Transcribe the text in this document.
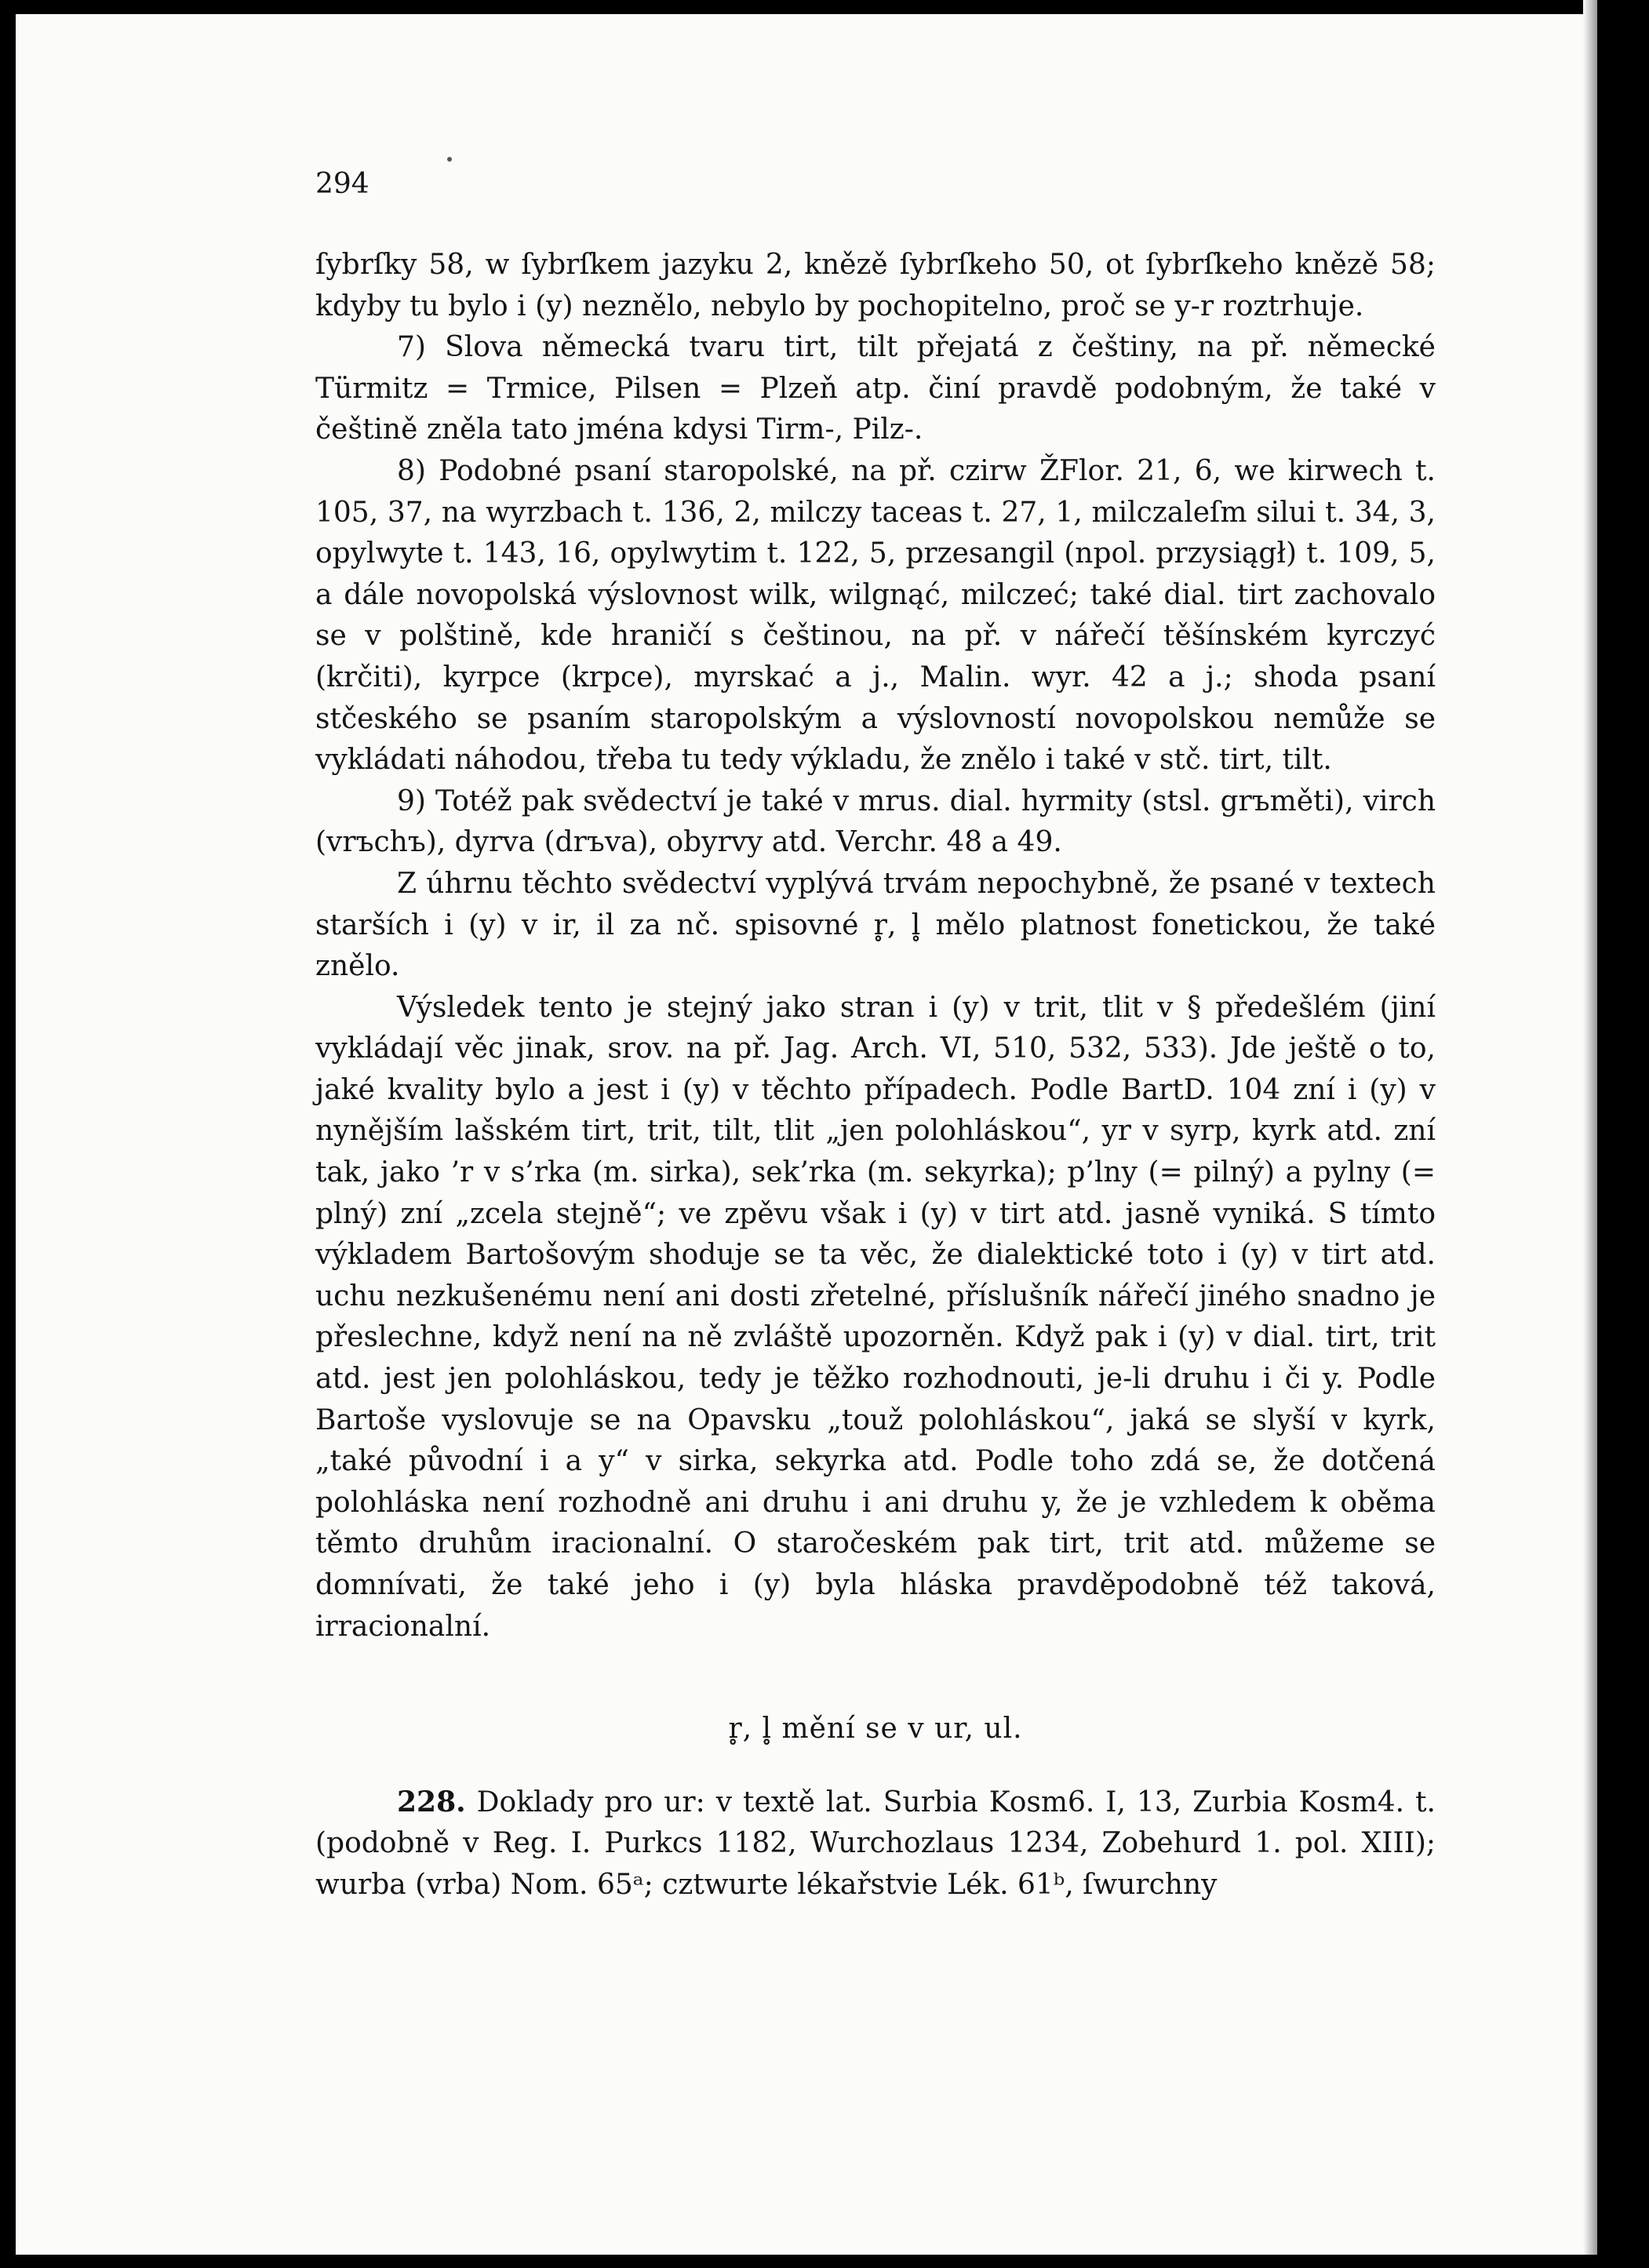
294

ſybrſky 58, w ſybrſkem jazyku 2, knězě ſybrſkeho 50, ot ſybrſkeho knězě 58; kdyby tu bylo i (y) neznělo, nebylo by pochopitelno, proč se y-r roztrhuje.

7) Slova německá tvaru tirt, tilt přejatá z češtiny, na př. německé Türmitz = Trmice, Pilsen = Plzeň atp. činí pravdě podobným, že také v češtině zněla tato jména kdysi Tirm-, Pilz-.

8) Podobné psaní staropolské, na př. czirw ŽFlor. 21, 6, we kirwech t. 105, 37, na wyrzbach t. 136, 2, milczy taceas t. 27, 1, milczaleſm silui t. 34, 3, opylwyte t. 143, 16, opylwytim t. 122, 5, przesangil (npol. przysiągł) t. 109, 5, a dále novopolská výslovnost wilk, wilgnąć, milczeć; také dial. tirt zachovalo se v polštině, kde hraničí s češtinou, na př. v nářečí těšínském kyrczyć (krčiti), kyrpce (krpce), myrskać a j., Malin. wyr. 42 a j.; shoda psaní stčeského se psaním staropolským a výslovností novopolskou nemůže se vykládati náhodou, třeba tu tedy výkladu, že znělo i také v stč. tirt, tilt.

9) Totéž pak svědectví je také v mrus. dial. hyrmity (stsl. grъměti), virch (vrъchъ), dyrva (drъva), obyrvy atd. Verchr. 48 a 49.

Z úhrnu těchto svědectví vyplývá trvám nepochybně, že psané v textech starších i (y) v ir, il za nč. spisovné r̥, l̥ mělo platnost fonetickou, že také znělo.

Výsledek tento je stejný jako stran i (y) v trit, tlit v § předešlém (jiní vykládají věc jinak, srov. na př. Jag. Arch. VI, 510, 532, 533). Jde ještě o to, jaké kvality bylo a jest i (y) v těchto případech. Podle BartD. 104 zní i (y) v nynějším lašském tirt, trit, tilt, tlit „jen polohláskou“, yr v syrp, kyrk atd. zní tak, jako ’r v s’rka (m. sirka), sek’rka (m. sekyrka); p’lny (= pilný) a pylny (= plný) zní „zcela stejně“; ve zpěvu však i (y) v tirt atd. jasně vyniká. S tímto výkladem Bartošovým shoduje se ta věc, že dialektické toto i (y) v tirt atd. uchu nezkušenému není ani dosti zřetelné, příslušník nářečí jiného snadno je přeslechne, když není na ně zvláště upozorněn. Když pak i (y) v dial. tirt, trit atd. jest jen polohláskou, tedy je těžko rozhodnouti, je-li druhu i či y. Podle Bartoše vyslovuje se na Opavsku „touž polohláskou“, jaká se slyší v kyrk, „také původní i a y“ v sirka, sekyrka atd. Podle toho zdá se, že dotčená polohláska není rozhodně ani druhu i ani druhu y, že je vzhledem k oběma těmto druhům iracionalní. O staročeském pak tirt, trit atd. můžeme se domnívati, že také jeho i (y) byla hláska pravděpodobně též taková, irracionalní.

r̥, l̥ mění se v ur, ul.

228. Doklady pro ur: v textě lat. Surbia Kosm6. I, 13, Zurbia Kosm4. t. (podobně v Reg. I. Purkcs 1182, Wurchozlaus 1234, Zobehurd 1. pol. XIII); wurba (vrba) Nom. 65ᵃ; cztwurte lékařstvie Lék. 61ᵇ, ſwurchny
